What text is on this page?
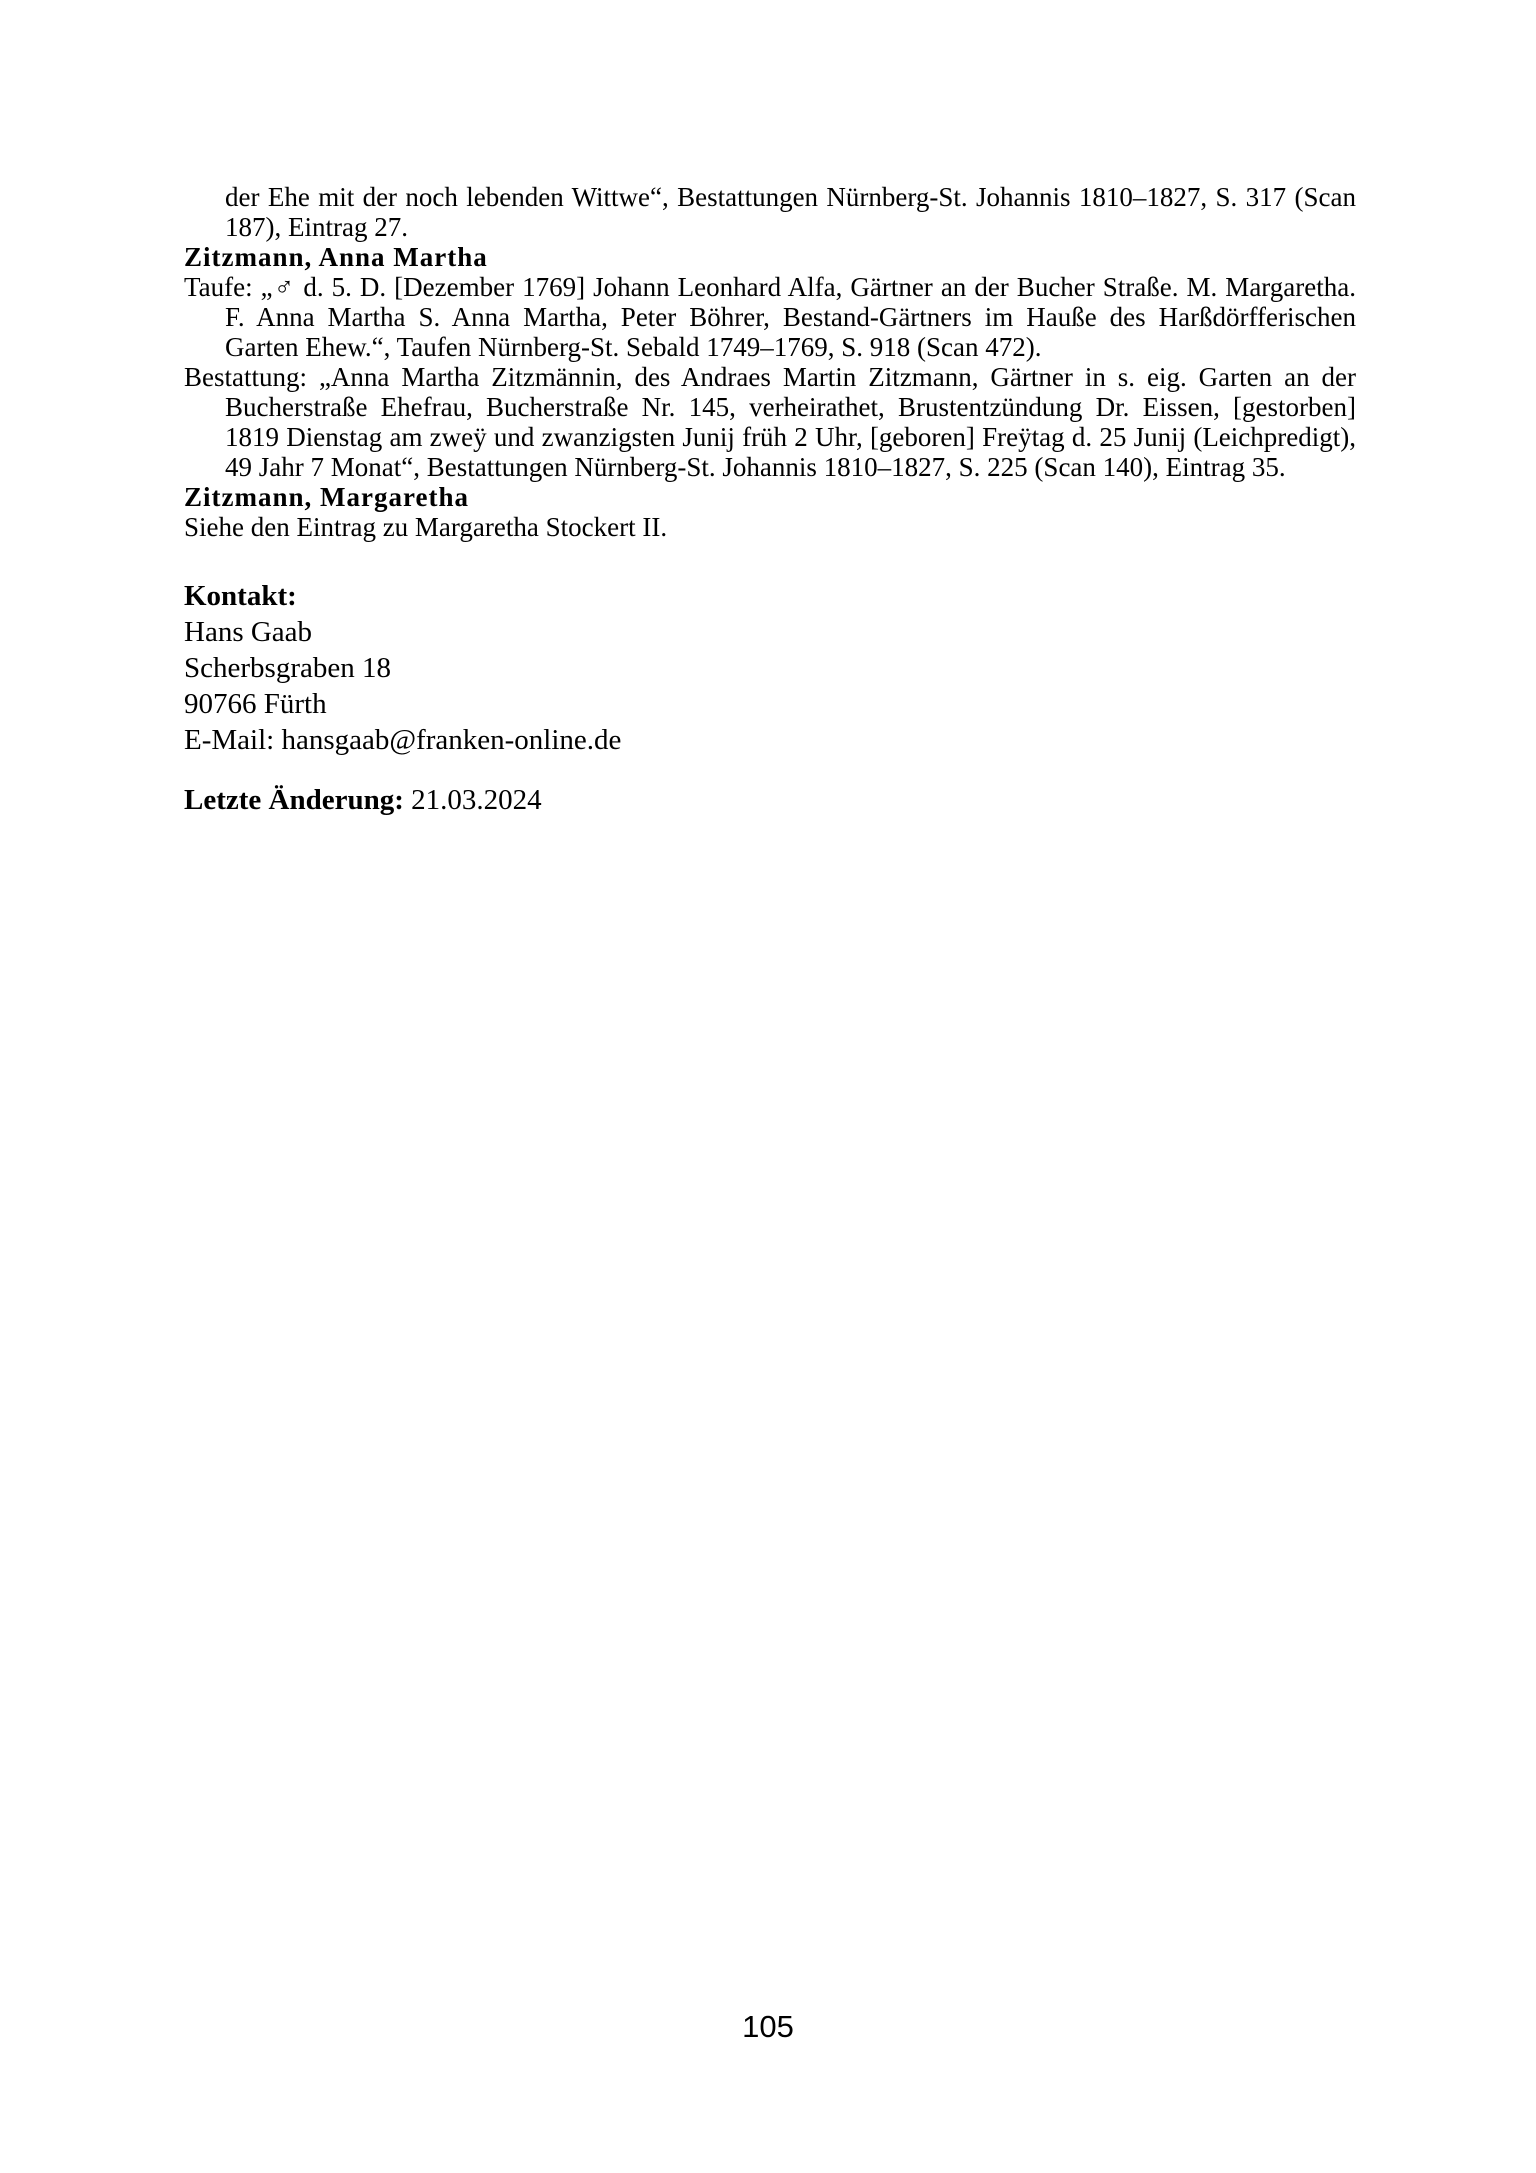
der Ehe mit der noch lebenden Wittwe“, Bestattungen Nürnberg-St. Johannis 1810–1827, S. 317 (Scan 187), Eintrag 27.

Zitzmann, Anna Martha

Taufe: „♂ d. 5. D. [Dezember 1769] Johann Leonhard Alfa, Gärtner an der Bucher Straße. M. Margaretha. F. Anna Martha S. Anna Martha, Peter Böhrer, Bestand-Gärtners im Hauße des Harßdörfferischen Garten Ehew.“, Taufen Nürnberg-St. Sebald 1749–1769, S. 918 (Scan 472).

Bestattung: „Anna Martha Zitzmännin, des Andraes Martin Zitzmann, Gärtner in s. eig. Garten an der Bucherstraße Ehefrau, Bucherstraße Nr. 145, verheirathet, Brustentzündung Dr. Eissen, [gestorben] 1819 Dienstag am zweÿ und zwanzigsten Junij früh 2 Uhr, [geboren] Freÿtag d. 25 Junij (Leichpredigt), 49 Jahr 7 Monat“, Bestattungen Nürnberg-St. Johannis 1810–1827, S. 225 (Scan 140), Eintrag 35.

Zitzmann, Margaretha

Siehe den Eintrag zu Margaretha Stockert II.

Kontakt:
Hans Gaab
Scherbsgraben 18
90766 Fürth
E-Mail: hansgaab@franken-online.de
Letzte Änderung: 21.03.2024
105
